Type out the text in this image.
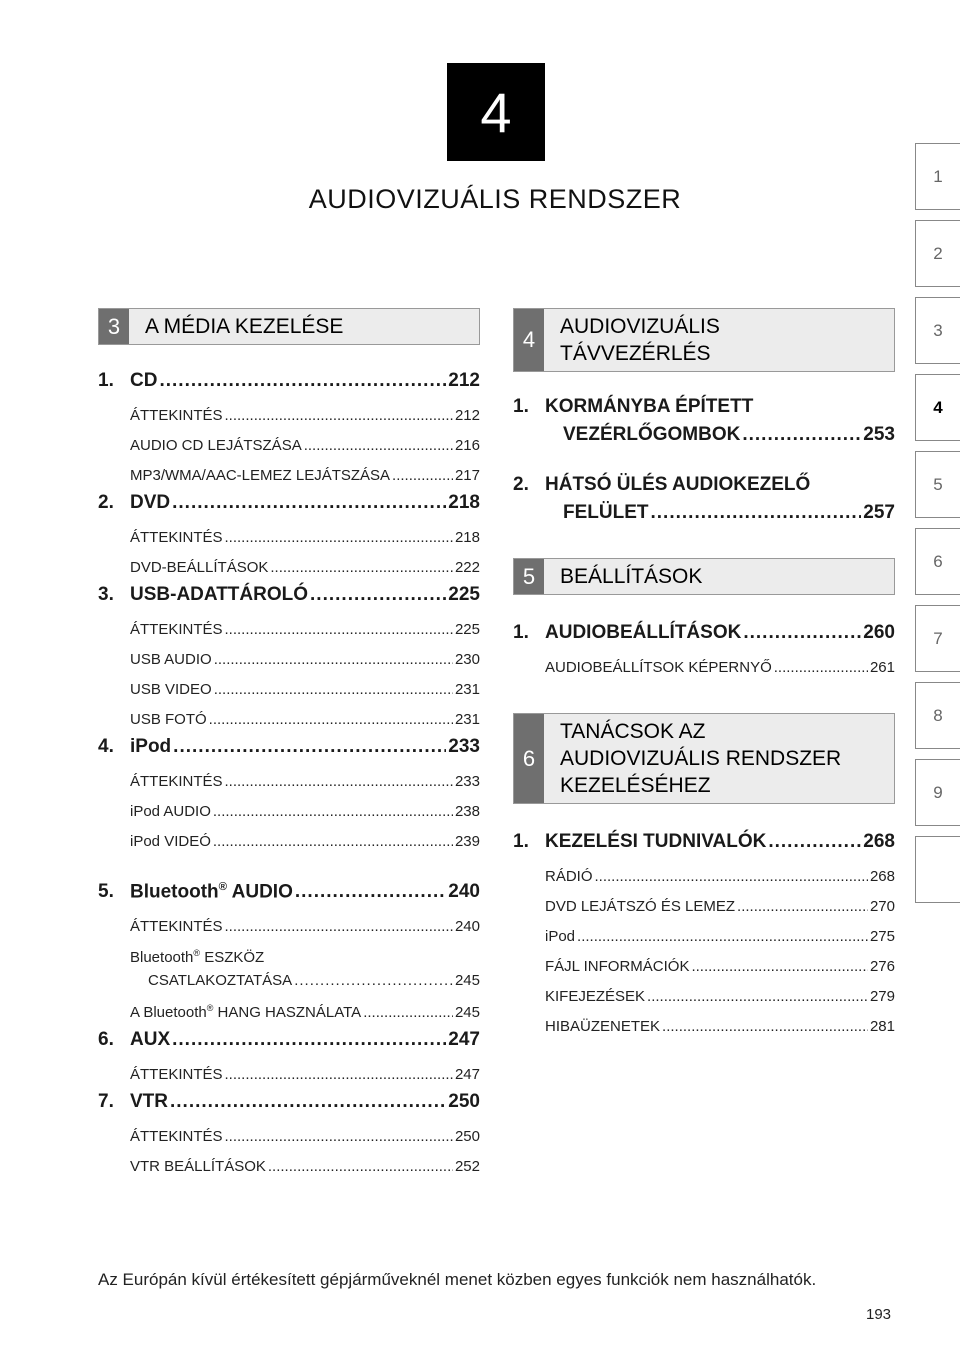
4
AUDIOVIZUÁLIS RENDSZER
1
2
3
4
5
6
7
8
9
3	A MÉDIA KEZELÉSE
1. CD .....	212
ÁTTEKINTÉS .....	212
AUDIO CD LEJÁTSZÁSA .....	216
MP3/WMA/AAC-LEMEZ LEJÁTSZÁSA .....	217
2. DVD .....	218
ÁTTEKINTÉS .....	218
DVD-BEÁLLÍTÁSOK .....	222
3. USB-ADATTÁROLÓ .....	225
ÁTTEKINTÉS .....	225
USB AUDIO .....	230
USB VIDEO .....	231
USB FOTÓ .....	231
4. iPod .....	233
ÁTTEKINTÉS .....	233
iPod AUDIO .....	238
iPod VIDEÓ .....	239
5. Bluetooth® AUDIO .....	240
ÁTTEKINTÉS .....	240
Bluetooth® ESZKÖZ
CSATLAKOZTATÁSA .....	245
A Bluetooth® HANG HASZNÁLATA .....	245
6. AUX .....	247
ÁTTEKINTÉS .....	247
7. VTR .....	250
ÁTTEKINTÉS .....	250
VTR BEÁLLÍTÁSOK .....	252
4
AUDIOVIZUÁLIS
TÁVVEZÉRLÉS
1. KORMÁNYBA ÉPÍTETT
VEZÉRLŐGOMBOK .....	253
2. HÁTSÓ ÜLÉS AUDIOKEZELŐ
FELÜLET .....	257
5	BEÁLLÍTÁSOK
1. AUDIOBEÁLLÍTÁSOK .....	260
AUDIOBEÁLLÍTSOK KÉPERNYŐ .....	261
6
TANÁCSOK AZ
AUDIOVIZUÁLIS RENDSZER
KEZELÉSÉHEZ
1. KEZELÉSI TUDNIVALÓK .....	268
RÁDIÓ .....	268
DVD LEJÁTSZÓ ÉS LEMEZ .....	270
iPod .....	275
FÁJL INFORMÁCIÓK .....	276
KIFEJEZÉSEK .....	279
HIBAÜZENETEK .....	281
Az Európán kívül értékesített gépjárműveknél menet közben egyes funkciók nem használhatók.
193
